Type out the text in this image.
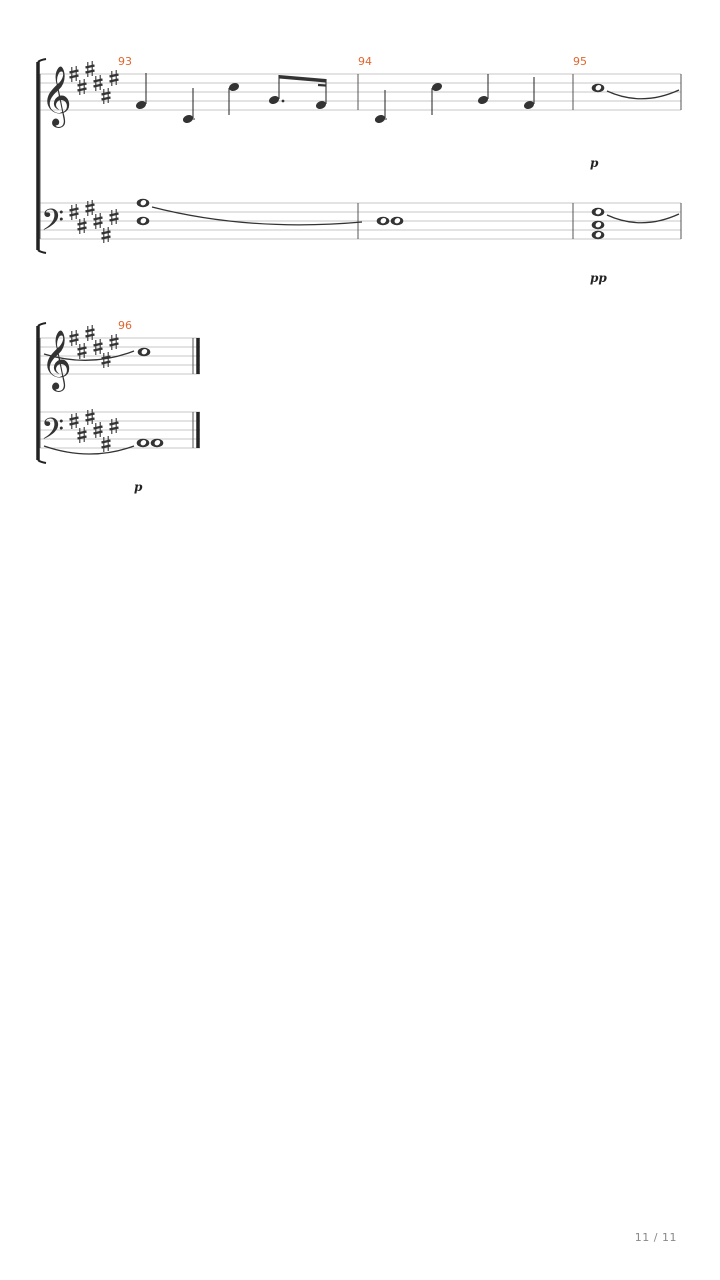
𝄞
𝄢
93	94	95
p
pp
𝄞
𝄢
96
p
11 / 11
